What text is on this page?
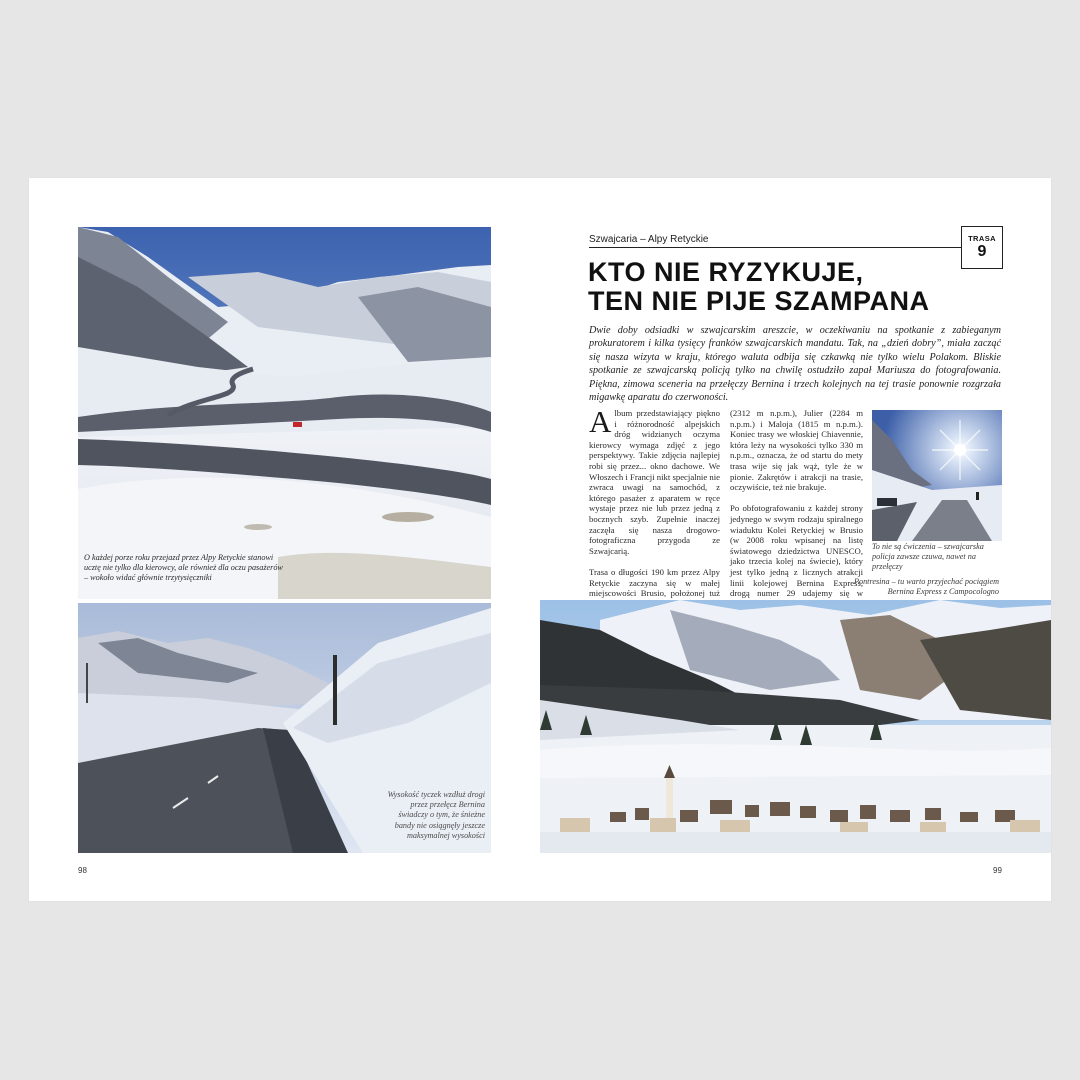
O każdej porze roku przejazd przez Alpy Retyckie stanowi ucztę nie tylko dla kierowcy, ale również dla oczu pasażerów – wokoło widać głównie trzytysięczniki
Wysokość tyczek wzdłuż drogi przez przełęcz Bernina świadczy o tym, że śnieżne bandy nie osiągnęły jeszcze maksymalnej wysokości
98
Szwajcaria – Alpy Retyckie	TRASA
9
KTO NIE RYZYKUJE,
TEN NIE PIJE SZAMPANA
Dwie doby odsiadki w szwajcarskim areszcie, w oczekiwaniu na spotkanie z zabieganym prokuratorem i kilka tysięcy franków szwajcarskich mandatu. Tak, na „dzień dobry”, miała zacząć się nasza wizyta w kraju, którego waluta odbija się czkawką nie tylko wielu Polakom. Bliskie spotkanie ze szwajcarską policją tylko na chwilę ostudziło zapał Mariusza do fotografowania. Piękna, zimowa sceneria na przełęczy Bernina i trzech kolejnych na tej trasie ponownie rozgrzała migawkę aparatu do czerwoności.

Album przedstawiający piękno i różnorodność alpejskich dróg widzianych oczyma kierowcy wymaga zdjęć z jego perspektywy. Takie zdjęcia najlepiej robi się przez... okno dachowe. We Włoszech i Francji nikt specjalnie nie zwraca uwagi na samochód, z którego pasażer z aparatem w ręce wystaje przez nie lub przez jedną z bocznych szyb. Zupełnie inaczej zaczęła się nasza drogowo-fotograficzna przygoda ze Szwajcarią.

Trasa o długości 190 km przez Alpy Retyckie zaczyna się w małej miejscowości Brusio, położonej tuż

(2312 m n.p.m.), Julier (2284 m n.p.m.) i Maloja (1815 m n.p.m.). Koniec trasy we włoskiej Chiavennie, która leży na wysokości tylko 330 m n.p.m., oznacza, że od startu do mety trasa wije się jak wąż, tyle że w pionie. Zakrętów i atrakcji na trasie, oczywiście, też nie brakuje.

Po obfotografowaniu z każdej strony jedynego w swym rodzaju spiralnego wiaduktu Kolei Retyckiej w Brusio (w 2008 roku wpisanej na listę światowego dziedzictwa UNESCO, jako trzecia kolej na świecie), który jest tylko jedną z licznych atrakcji linii kolejowej Bernina Express, drogą numer 29 udajemy się w

To nie są ćwiczenia – szwajcarska policja zawsze czuwa, nawet na przełęczy
Pontresina – tu warto przyjechać pociągiem Bernina Express z Campocologno
99
